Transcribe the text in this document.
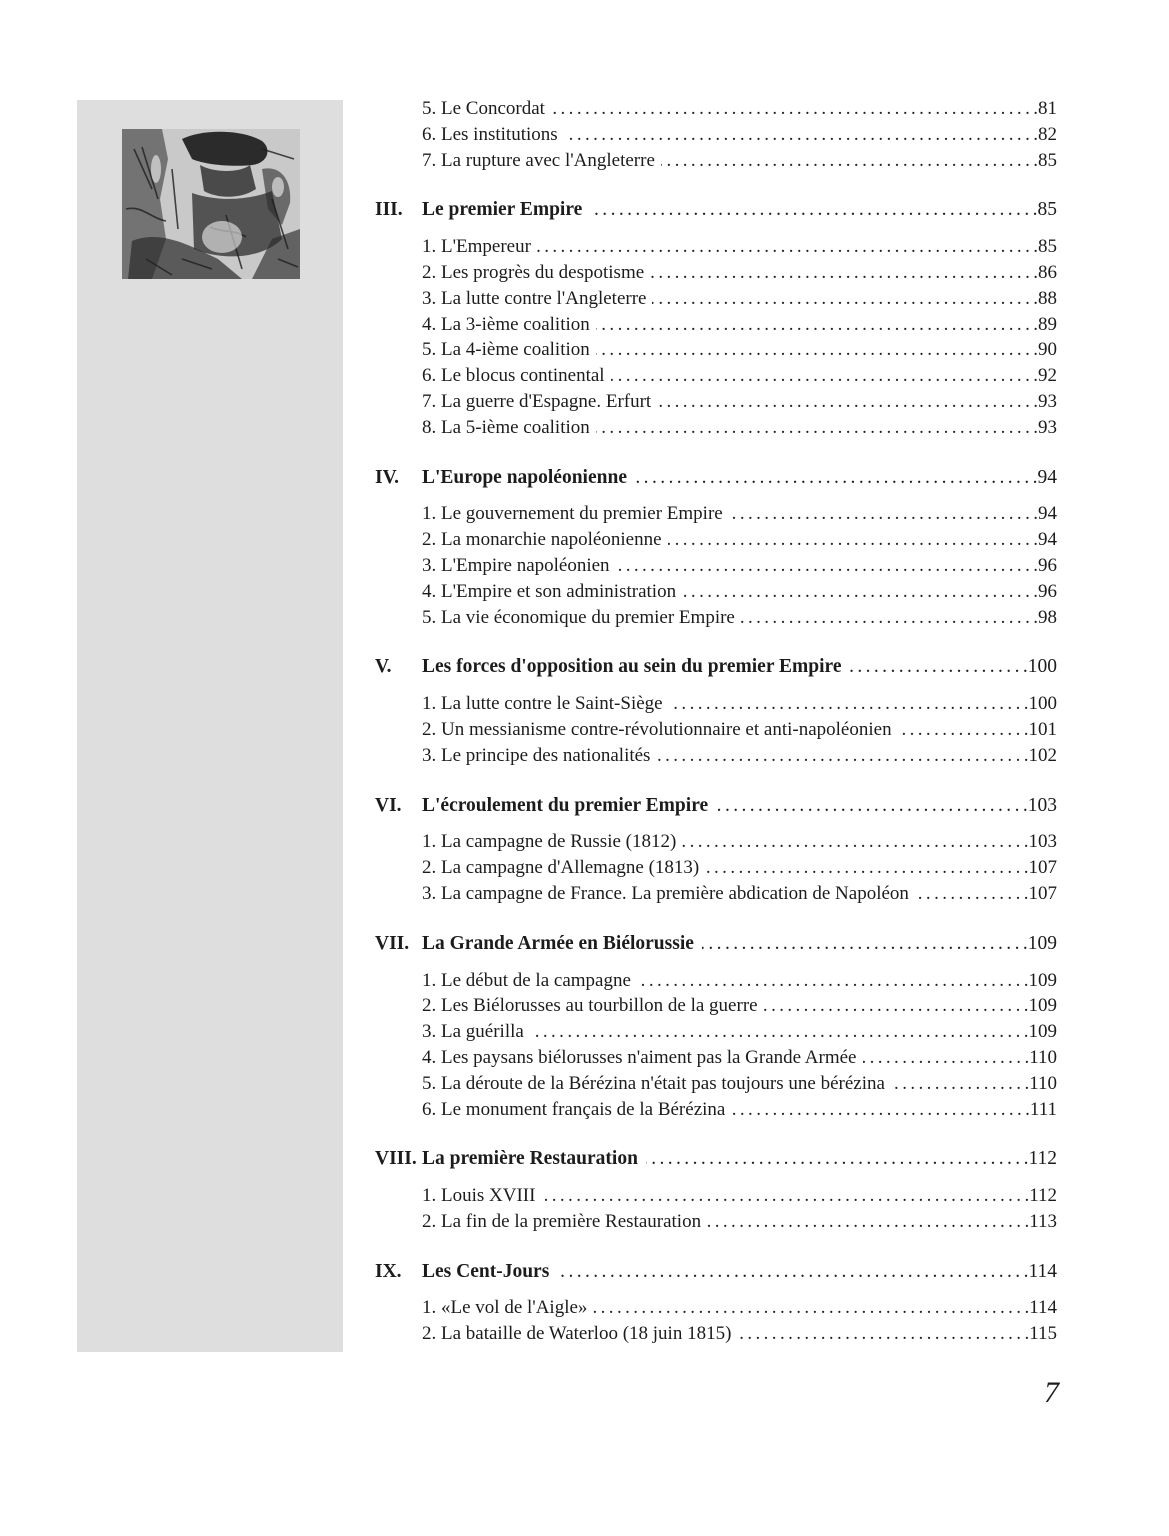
5. Le Concordat .....	.81
6. Les institutions .....	.82
7. La rupture avec l'Angleterre .....	.85
III. Le premier Empire .....	.85
1. L'Empereur .....	.85
2. Les progrès du despotisme .....	.86
3. La lutte contre l'Angleterre .....	.88
4. La 3-ième coalition .....	.89
5. La 4-ième coalition .....	.90
6. Le blocus continental .....	.92
7. La guerre d'Espagne. Erfurt .....	.93
8. La 5-ième coalition .....	.93
IV.	L'Europe napoléonienne .....	.94
1. Le gouvernement du premier Empire .....	.94
2. La monarchie napoléonienne .....	.94
3. L'Empire napoléonien .....	.96
4. L'Empire et son administration .....	.96
5. La vie économique du premier Empire .....	.98
V.	Les forces d'opposition au sein du premier Empire .....	.100
1. La lutte contre le Saint-Siège .....	.100
2. Un messianisme contre-révolutionnaire et anti-napoléonien .....	.101
3. Le principe des nationalités .....	.102
VI.	L'écroulement du premier Empire .....	.103
1. La campagne de Russie (1812) .....	.103
2. La campagne d'Allemagne (1813) .....	.107
3. La campagne de France. La première abdication de Napoléon .....	.107
VII. La Grande Armée en Biélorussie .....	.109
1. Le début de la campagne .....	.109
2. Les Biélorusses au tourbillon de la guerre .....	.109
3. La guérilla .....	.109
4. Les paysans biélorusses n'aiment pas la Grande Armée .....	.110
5. La déroute de la Bérézina n'était pas toujours une bérézina .....	.110
6. Le monument français de la Bérézina .....	.111
VIII. La première Restauration .....	.112
1. Louis XVIII .....	.112
2. La fin de la première Restauration .....	.113
IX.	Les Cent-Jours .....	.114
1. «Le vol de l'Aigle» .....	.114
2. La bataille de Waterloo (18 juin 1815) .....	.115
7
